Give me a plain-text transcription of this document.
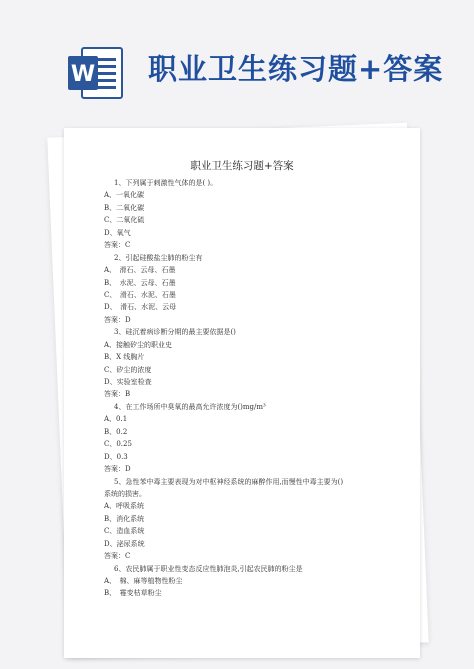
W 职业卫生练习题+答案
职业卫生练习题+答案
1、下列属于刺激性气体的是( )。
A、一氧化碳
B、二氧化碳
C、二氧化硫
D、氧气
答案：C
2、引起硅酸盐尘肺的粉尘有
A、　滑石、云母、石墨
B、　水泥、云母、石墨
C、　滑石、水泥、石墨
D、　滑石、水泥、云母
答案：D
3、硅沉着病诊断分期的最主要依据是()
A、接触矽尘的职业史
B、X 线胸片
C、矽尘的浓度
D、实验室检查
答案：B
4、在工作场所中臭氧的最高允许浓度为()mg/m³
A、0.1
B、0.2
C、0.25
D、0.3
答案：D
5、急性苯中毒主要表现为对中枢神经系统的麻醉作用,而慢性中毒主要为()
系统的损害。
A、呼吸系统
B、消化系统
C、造血系统
D、泌尿系统
答案：C
6、农民肺属于职业性变态反应性肺泡炎,引起农民肺的粉尘是
A、　棉、麻等植物性粉尘
B、　霉变枯草粉尘
